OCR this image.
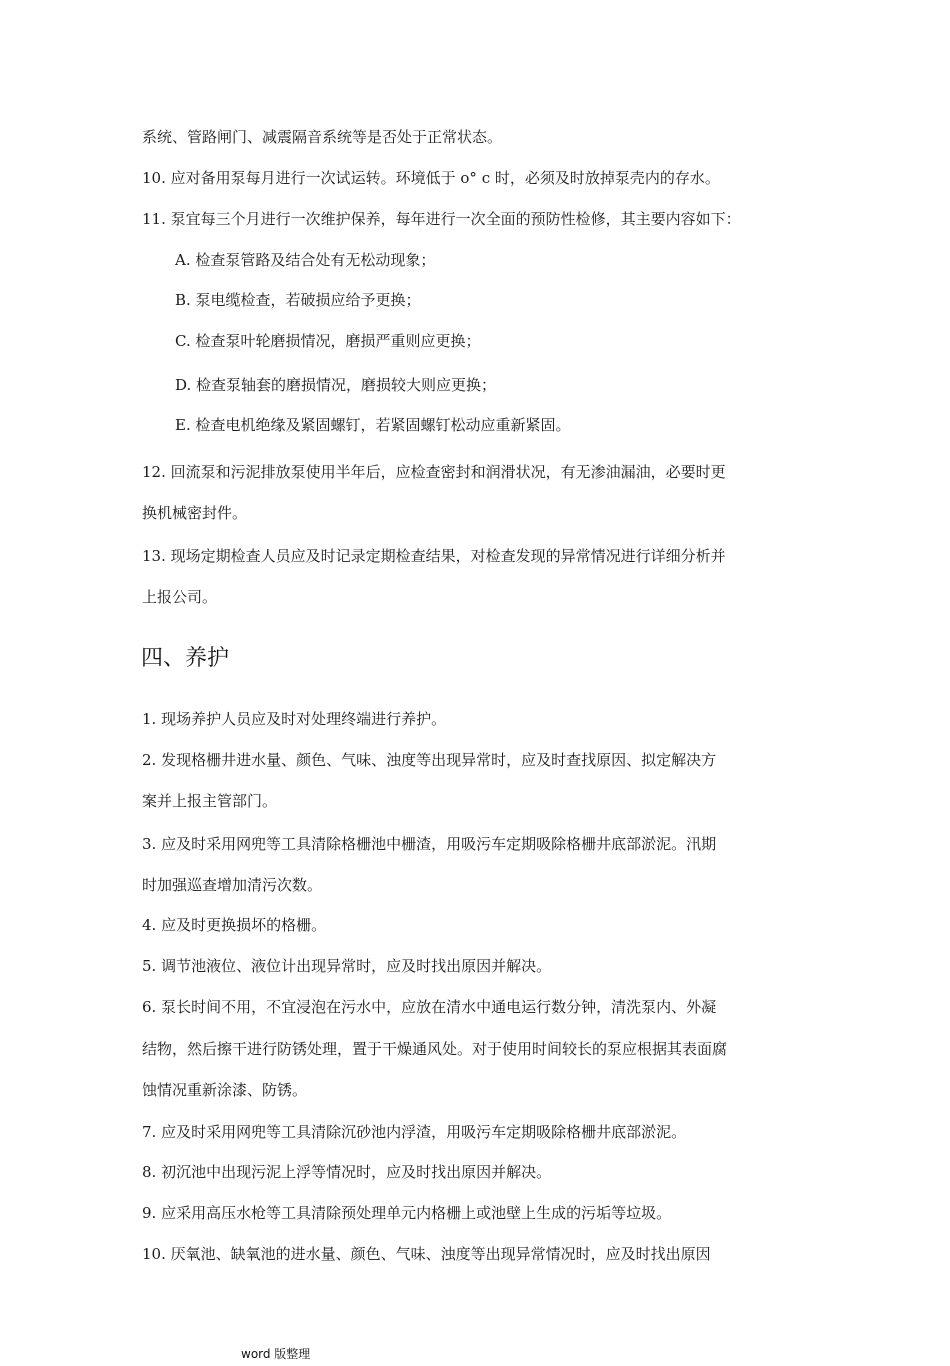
系统、管路闸门、减震隔音系统等是否处于正常状态。
10. 应对备用泵每月进行一次试运转。环境低于 o° c 时，必须及时放掉泵壳内的存水。
11. 泵宜每三个月进行一次维护保养，每年进行一次全面的预防性检修，其主要内容如下：
A. 检查泵管路及结合处有无松动现象；
B. 泵电缆检查，若破损应给予更换；
C. 检查泵叶轮磨损情况，磨损严重则应更换；
D. 检查泵轴套的磨损情况，磨损较大则应更换；
E. 检查电机绝缘及紧固螺钉，若紧固螺钉松动应重新紧固。
12. 回流泵和污泥排放泵使用半年后，应检查密封和润滑状况，有无渗油漏油，必要时更
换机械密封件。
13. 现场定期检查人员应及时记录定期检查结果，对检查发现的异常情况进行详细分析并
上报公司。
四、养护
1. 现场养护人员应及时对处理终端进行养护。
2. 发现格栅井进水量、颜色、气味、浊度等出现异常时，应及时查找原因、拟定解决方
案并上报主管部门。
3. 应及时采用网兜等工具清除格栅池中栅渣，用吸污车定期吸除格栅井底部淤泥。汛期
时加强巡查增加清污次数。
4. 应及时更换损坏的格栅。
5. 调节池液位、液位计出现异常时，应及时找出原因并解决。
6. 泵长时间不用，不宜浸泡在污水中，应放在清水中通电运行数分钟，清洗泵内、外凝
结物，然后擦干进行防锈处理，置于干燥通风处。对于使用时间较长的泵应根据其表面腐
蚀情况重新涂漆、防锈。
7. 应及时采用网兜等工具清除沉砂池内浮渣，用吸污车定期吸除格栅井底部淤泥。
8. 初沉池中出现污泥上浮等情况时，应及时找出原因并解决。
9. 应采用高压水枪等工具清除预处理单元内格栅上或池壁上生成的污垢等垃圾。
10. 厌氧池、缺氧池的进水量、颜色、气味、浊度等出现异常情况时，应及时找出原因
word 版整理
